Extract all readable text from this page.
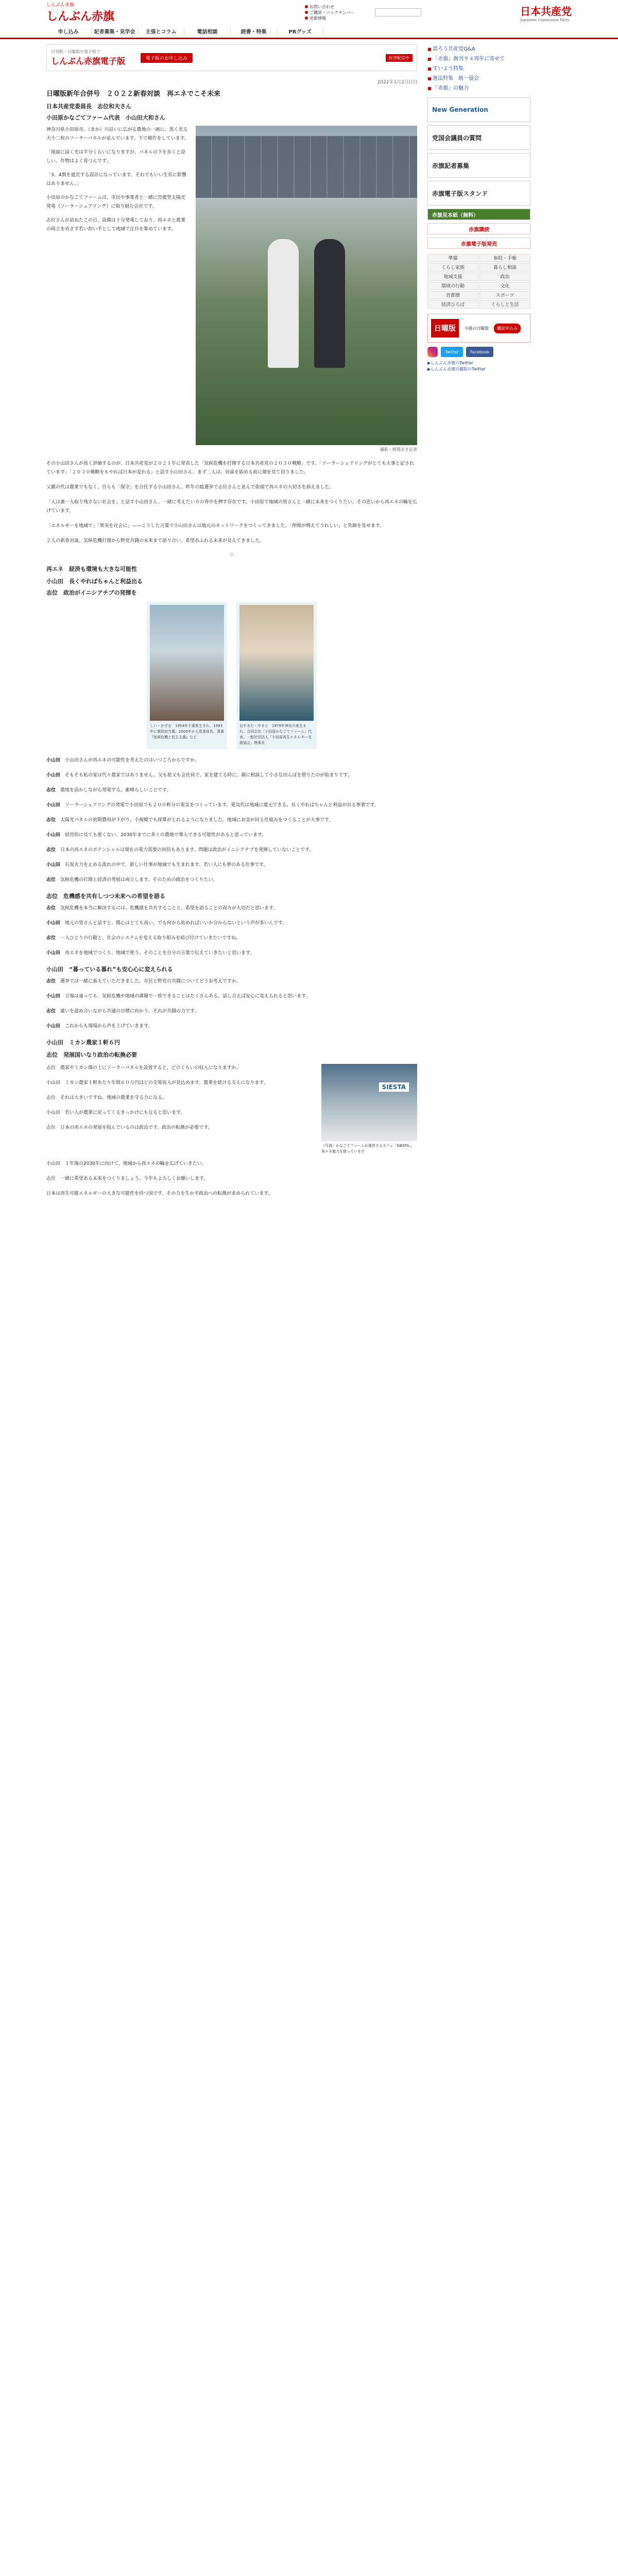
しんぶん赤旗
しんぶん赤旗
お問い合わせ
ご購読・バックナンバー
更新情報
日本共産党
Japanese Communist Party
申し込み	記者募集・見学会	主張とコラム	電話相談	読書・特集	PRグッズ
日刊紙・日曜版を電子版で
しんぶん赤旗電子版	電子版のお申し込み	好評配信中
2022年1月2日(日)
日曜版新年合併号　２０２２新春対談　再エネでこそ未来
日本共産党委員長　志位和夫さん
小田原かなごてファーム代表　小山田大和さん

神奈川県小田原市。（まか）川沿いに広がる農地の一画に、黒く光る大小二枚のソーラーパネルが並んでいます。下で畑作をしています。

「地面に届く光は半分くらいになりますが、パネルの下を歩くと涼しい。作物はよく育つんです」

「3、4割を遮光する設計になっています。それでもいい生育に影響はありません。」

小田原のかなごてファームは、市民や事業者と一緒に営農型太陽光発電（ソーラーシェアリング）に取り組む会社です。

志位さんが訪ねたこの日、設備は十分発電しており、再エネと農業の両立をめざす若い担い手として地域で注目を集めています。

撮影・野間あき記者

その小山田さんが高く評価するのが、日本共産党が２０２１年に発表した「気候危機を打開する日本共産党の２０３０戦略」です。「ソーラーシェアリングがとても大事と記されています」「２０３０戦略をもやれば日本が変わる」と話す小山田さん。まず二人は、対談を始める前に畑を見て回りました。

父親の代は農業でもなく、自らも「保守」を自任する小山田さん。昨年の総選挙で志位さんと並んで街頭で再エネの大切さを訴えました。

「人は誰一人取り残さない社会を」と話す小山田さん。一緒に考えたい方の背中を押す存在です。小田原で地域の皆さんと一緒に未来をつくりたい、その思いから再エネの輪を広げています。

「エネルギーを地域で」「果実を社会に」——こうした言葉で小山田さんは地元のネットワークをつくってきました。「仲間が増えてうれしい」と笑顔を見せます。

２人の新春対談。気候危機打開から野党共闘の未来まで語り合い、希望あふれる未来が見えてきました。

◇
再エネ　経済も環境も大きな可能性
小山田　長くやればちゃんと利益出る
志位　政治がイニシアチブの発揮を
しい・かずお　1954年千葉県生まれ。1993年に衆院初当選。2000年から党委員長。著書『気候危機と民主主義』など
おやまだ・やまと　1979年神奈川県生まれ。合同会社「小田原かなごてファーム」代表。一般社団法人「小田原再生エネルギー支援協会」理事長

小山田　 小山田さんが再エネの可能性を考えたのはいつごろからですか。

小山田　 そもそも私の家は代々農家ではありません。父も祖父も会社員で、家を建てる時に、親に相談して小さな田んぼを借りたのが始まりです。

志位　 農地を活かしながら発電する。素晴らしいことです。

小山田　 ソーラーシェアリングの発電で小田原でも２００軒分の電気をつくっています。電気代は地域に還元できる。長くやればちゃんと利益が出る事業です。

志位　 太陽光パネルの初期費用が下がり、小規模でも採算がとれるようになりました。地域にお金が回る仕組みをつくることが大事です。

小山田　 経営的に見ても悪くない。2030年までに多くの農地で導入できる可能性があると思っています。

志位　 日本の再エネのポテンシャルは現在の電力需要の何倍もあります。問題は政治がイニシアチブを発揮していないことです。

小山田　 石炭火力を止める流れの中で、新しい仕事が地域でも生まれます。若い人にも夢のある仕事です。

志位　 気候危機の打開と経済の発展は両立します。そのための政治をつくりたい。

志位　危機感を共有しつつ未来への希望を語る

志位　 気候危機を本当に解決するには、危機感を共有することと、希望を語ることの両方が大切だと思います。

小山田　 地元の皆さんと話すと、関心はとても高い。でも何から始めればいいか分からないという声が多いんです。

志位　 一人ひとりの行動と、社会のシステムを変える取り組みを結び付けていきたいですね。

小山田　 再エネを地域でつくり、地域で使う。そのことを自分の言葉で伝えていきたいと思います。

小山田　“暮っている暮れ”も安心心に変えられる

志位　 選挙では一緒に訴えていただきました。市民と野党の共闘についてどうお考えですか。

小山田　 立場は違っても、気候危機や地域の課題で一致できることはたくさんある。話し合えば安心に変えられると思います。

志位　 違いを認め合いながら共通の目標に向かう。それが共闘の力です。

小山田　 これからも現場から声を上げていきます。

小山田　ミカン農家１軒６円
志位　発展国いなり政治の転換必要

志位　農家やミカン畑の上にソーラーパネルを設置すると、どのくらいの収入になりますか。

小山田　ミカン農家１軒あたり年間６０万円ほどの売電収入が見込めます。農業を続ける支えになります。

志位　それは大きいですね。地域の農業を守る力になる。

小山田　若い人が農業に戻ってくるきっかけにもなると思います。

志位　日本の再エネの発展を阻んでいるのは政治です。政治の転換が必要です。

SIESTA
（写真）かなごてファームが運営するカフェ「SIESTA」。再エネ電力を使っています

小山田　１年後の2030年に向けて、地域から再エネの輪を広げていきたい。

志位　一緒に希望ある未来をつくりましょう。今年もよろしくお願いします。

日本は再生可能エネルギーの大きな可能性を持つ国です。その力を生かす政治への転換が求められています。

■ 語ろう共産党Q&A
■ 「赤旗」創刊９４周年に寄せて
■ すいよう特集
■ 憲法特集　統一協会
■ 「赤旗」の魅力
New Generation
党国会議員の質問
赤旗記者募集
赤旗電子版スタンド
赤旗見本紙（無料）
赤旗購読
赤旗電子版発売
準備	参院・手帳
くらし家族	暮らし相談
地域支援	政治
環境の行動	文化
首都圏	スポーツ
経済ひろば	くらしと生活
日曜版	今週の日曜版	購読申込み
Twitter	Facebook
▶しんぶん赤旗のTwitter
▶しんぶん赤旗日曜版のTwitter
